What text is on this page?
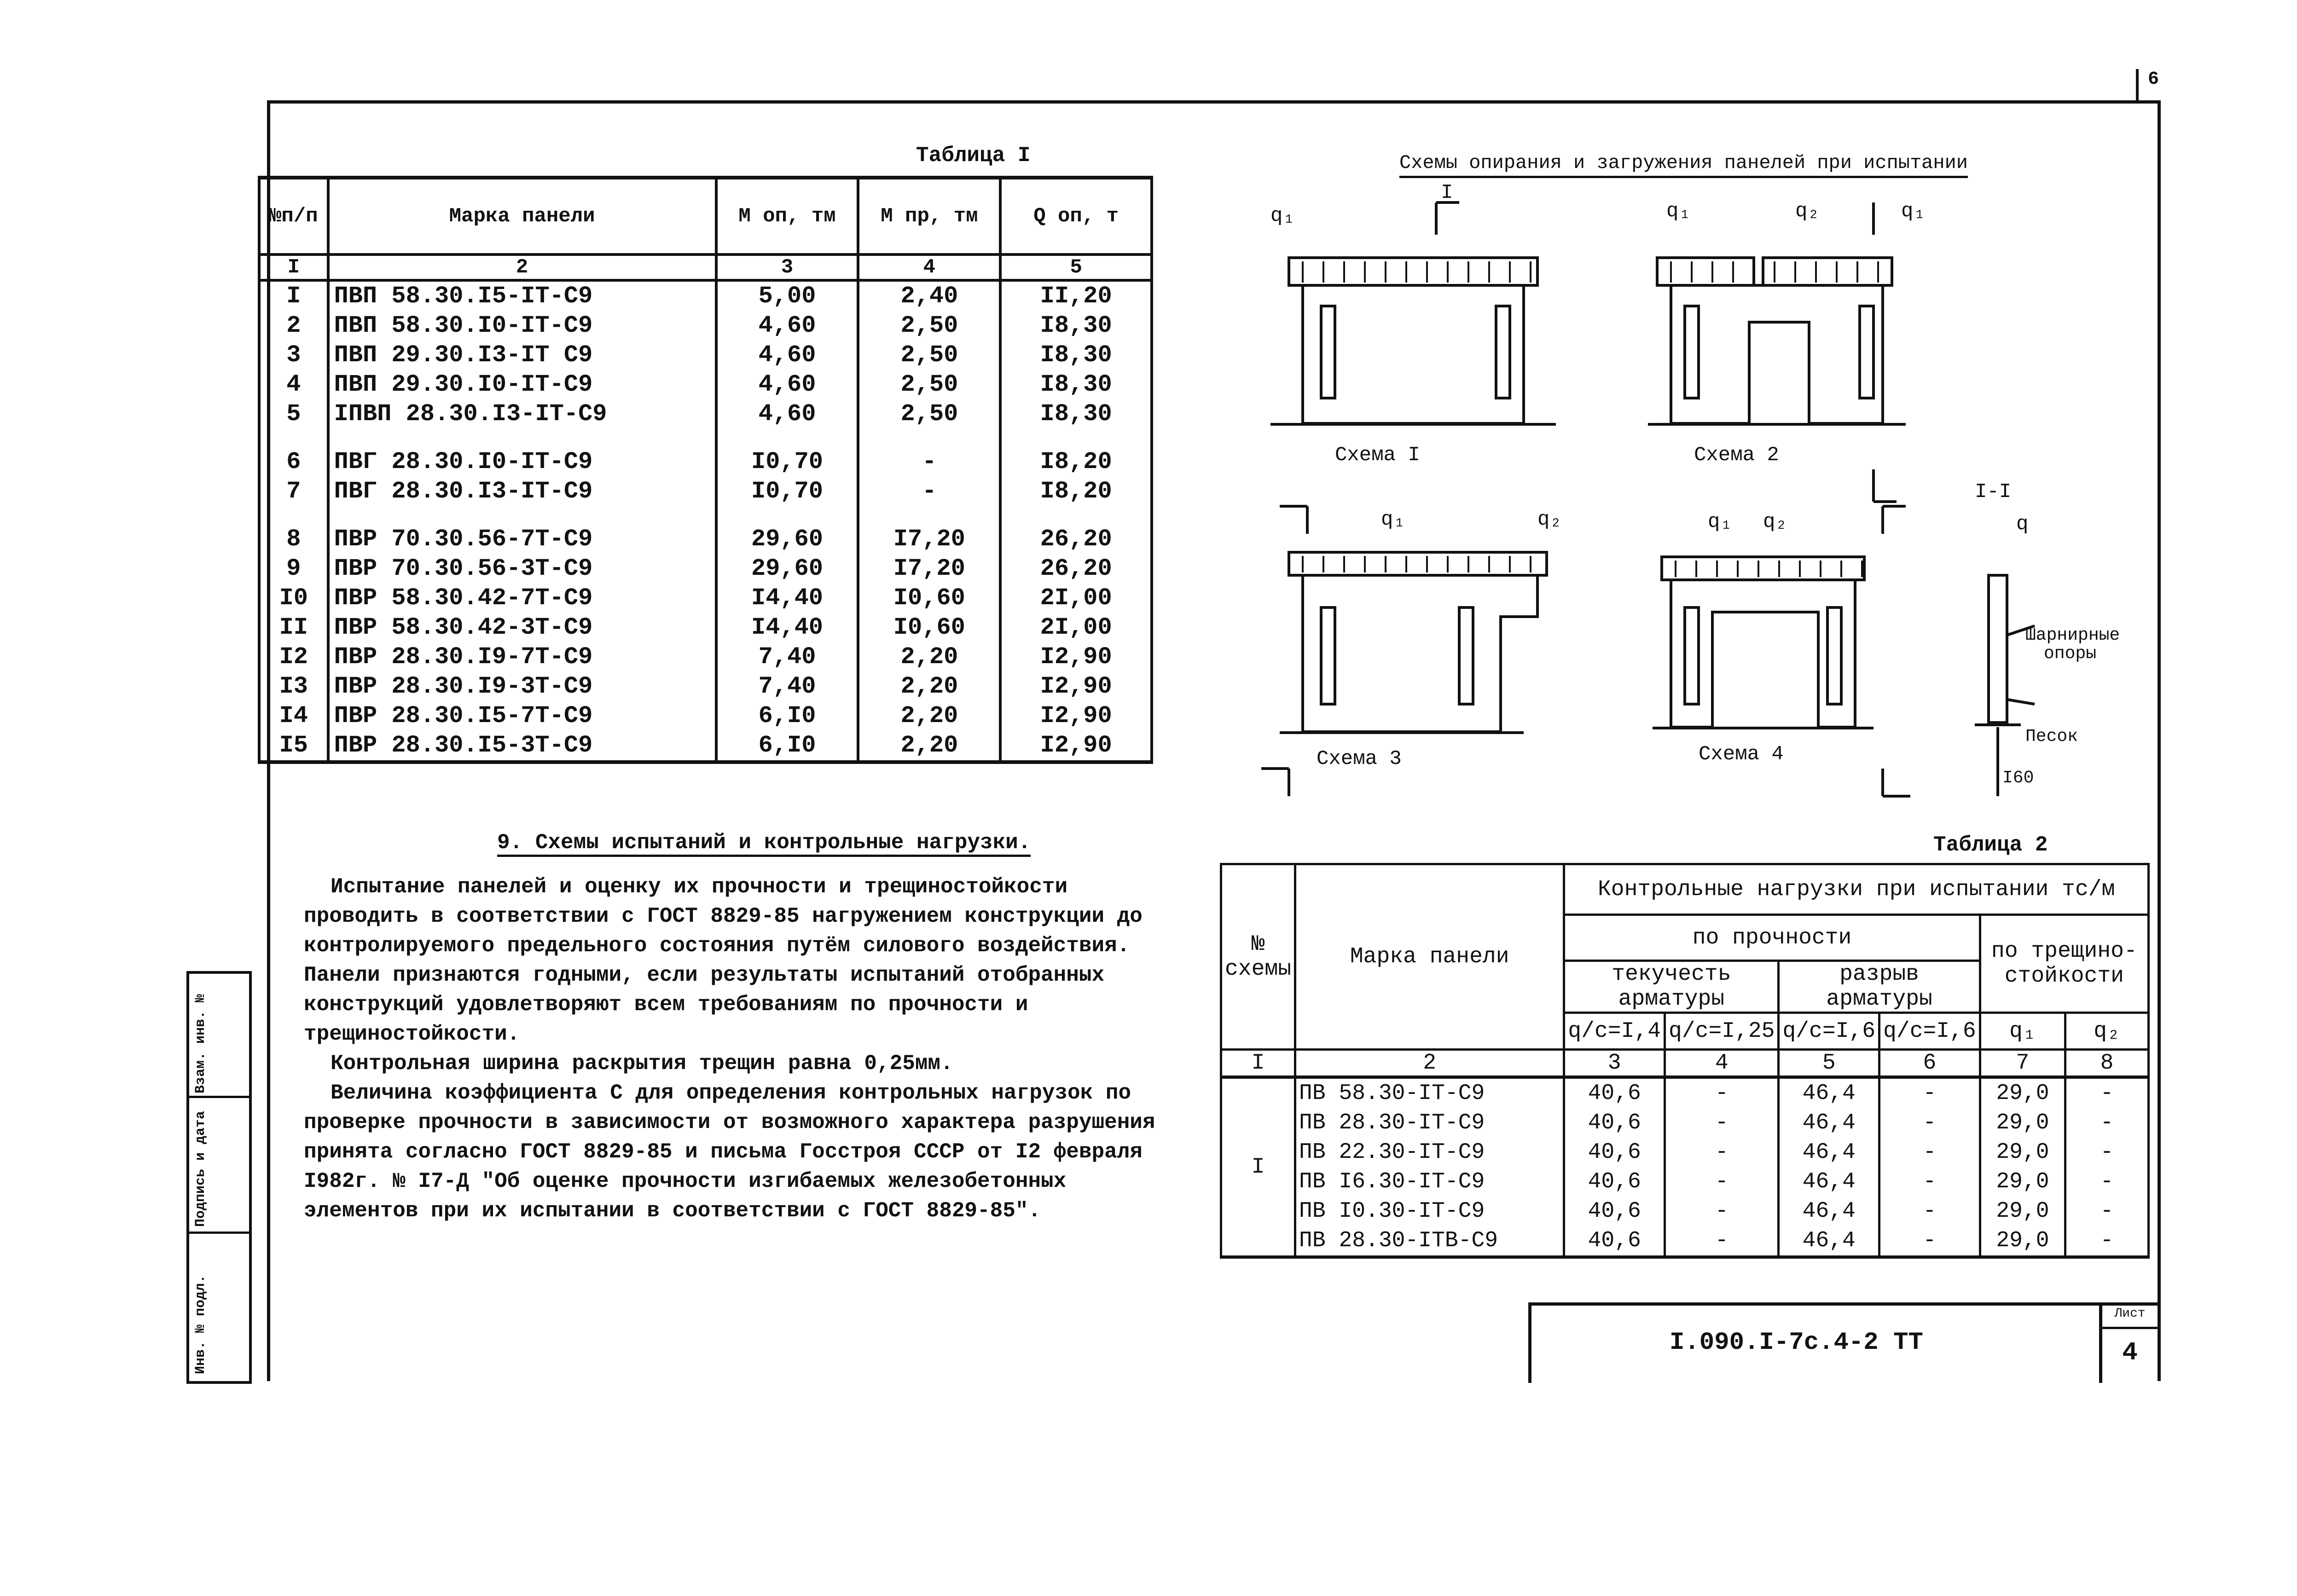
6
Инв. № подл.
Подпись и дата
Взам. инв. №
Таблица I
№п/п	Марка панели	М оп, тм	М пр, тм	Q оп, т
I	2	3	4	5
I	ПВП 58.30.I5-IT-C9	5,00	2,40	II,20
2	ПВП 58.30.I0-IT-C9	4,60	2,50	I8,30
3	ПВП 29.30.I3-IT C9	4,60	2,50	I8,30
4	ПВП 29.30.I0-IT-C9	4,60	2,50	I8,30
5	IПВП 28.30.I3-IT-C9	4,60	2,50	I8,30

6	ПВГ 28.30.I0-IT-C9	I0,70	-	I8,20
7	ПВГ 28.30.I3-IT-C9	I0,70	-	I8,20

8	ПВР 70.30.56-7T-C9	29,60	I7,20	26,20
9	ПВР 70.30.56-3T-C9	29,60	I7,20	26,20
I0	ПВР 58.30.42-7T-C9	I4,40	I0,60	2I,00
II	ПВР 58.30.42-3T-C9	I4,40	I0,60	2I,00
I2	ПВР 28.30.I9-7T-C9	7,40	2,20	I2,90
I3	ПВР 28.30.I9-3T-C9	7,40	2,20	I2,90
I4	ПВР 28.30.I5-7T-C9	6,I0	2,20	I2,90
I5	ПВР 28.30.I5-3T-C9	6,I0	2,20	I2,90
Схемы опирания и загружения панелей при испытании
q₁
I
Схема I
q₁	q₂	q₁
Схема 2
q₁	q₂
Схема 3
q₁ q₂
Схема 4
I-I
q
Шарнирные
опоры
Песок
I60
9. Схемы испытаний и контрольные нагрузки.

Испытание панелей и оценку их прочности и трещиностойкости проводить в соответствии с ГОСТ 8829-85 нагружением конструкции до контролируемого предельного состояния путём силового воздействия. Панели признаются годными, если результаты испытаний отобранных конструкций удовлетворяют всем требованиям по прочности и трещиностойкости.

Контрольная ширина раскрытия трещин равна 0,25мм.

Величина коэффициента С для определения контрольных нагрузок по проверке прочности в зависимости от возможного характера разрушения принята согласно ГОСТ 8829-85 и письма Госстроя СССР от I2 февраля I982г. № I7-Д "Об оценке прочности изгибаемых железобетонных элементов при их испытании в соответствии с ГОСТ 8829-85".

Таблица 2
№ схемы	Марка панели	Контрольные нагрузки при испытании тс/м					
		по прочности				по трещино-стойкости	
		текучесть арматуры		разрыв арматуры			
		q/c=I,4	q/c=I,25	q/c=I,6	q/c=I,6	q₁	q₂
I	2	3	4	5	6	7	8
I	ПВ 58.30-IT-C9	40,6	-	46,4	-	29,0	-
	ПВ 28.30-IT-C9	40,6	-	46,4	-	29,0	-
	ПВ 22.30-IT-C9	40,6	-	46,4	-	29,0	-
	ПВ I6.30-IT-C9	40,6	-	46,4	-	29,0	-
	ПВ I0.30-IT-C9	40,6	-	46,4	-	29,0	-
	ПВ 28.30-ITB-C9	40,6	-	46,4	-	29,0	-
I.090.I-7c.4-2 TT
Лист
4
